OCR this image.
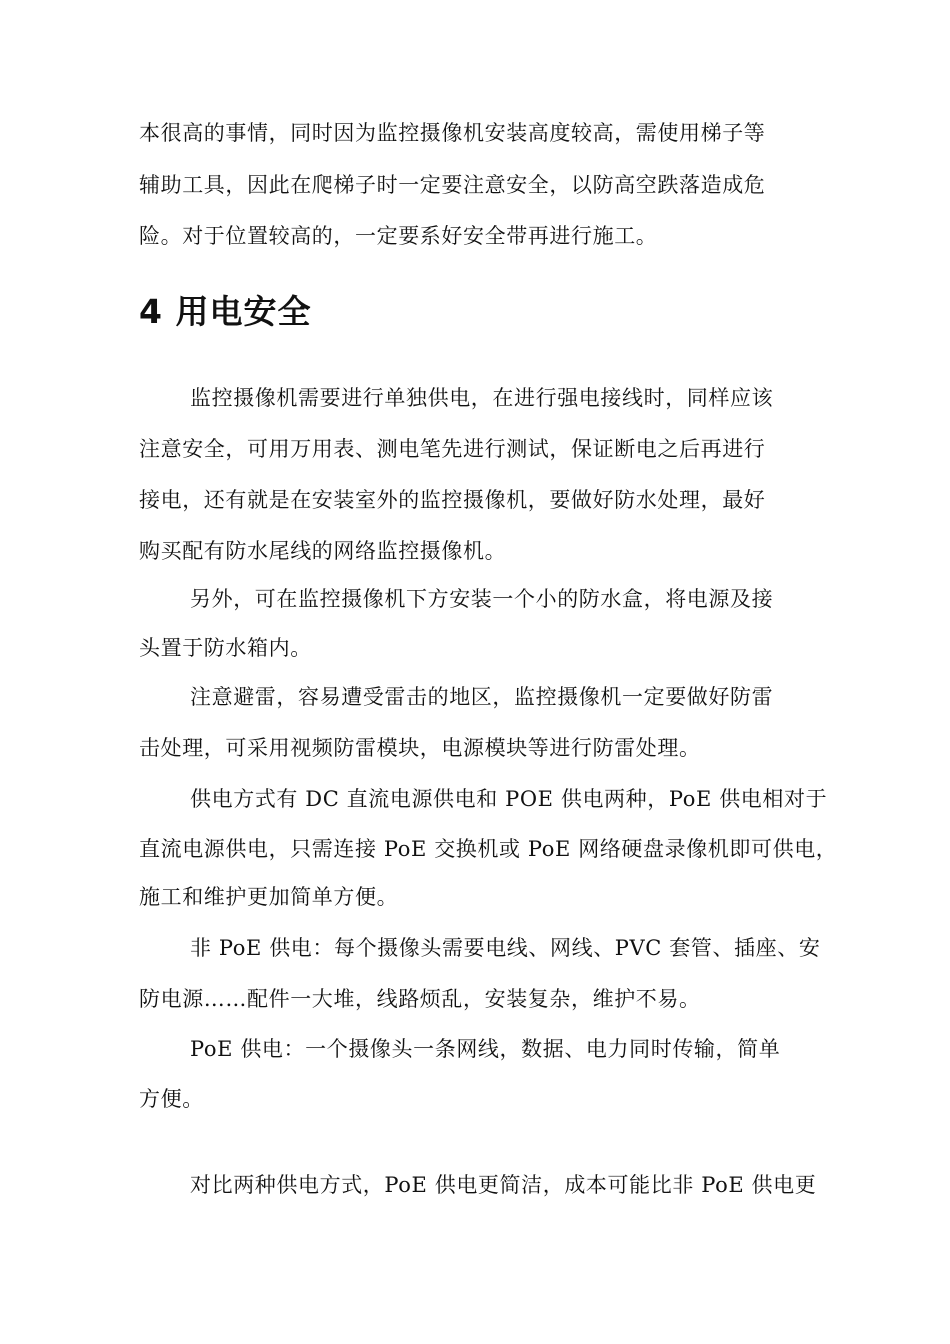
本很高的事情，同时因为监控摄像机安装高度较高，需使用梯子等
辅助工具，因此在爬梯子时一定要注意安全，以防高空跌落造成危
险。对于位置较高的，一定要系好安全带再进行施工。
4 用电安全
监控摄像机需要进行单独供电，在进行强电接线时，同样应该
注意安全，可用万用表、测电笔先进行测试，保证断电之后再进行
接电，还有就是在安装室外的监控摄像机，要做好防水处理，最好
购买配有防水尾线的网络监控摄像机。
另外，可在监控摄像机下方安装一个小的防水盒，将电源及接
头置于防水箱内。
注意避雷，容易遭受雷击的地区，监控摄像机一定要做好防雷
击处理，可采用视频防雷模块，电源模块等进行防雷处理。
供电方式有 DC 直流电源供电和 POE 供电两种，PoE 供电相对于
直流电源供电，只需连接 PoE 交换机或 PoE 网络硬盘录像机即可供电，
施工和维护更加简单方便。
非 PoE 供电：每个摄像头需要电线、网线、PVC 套管、插座、安
防电源……配件一大堆，线路烦乱，安装复杂，维护不易。
PoE 供电：一个摄像头一条网线，数据、电力同时传输，简单
方便。
对比两种供电方式，PoE 供电更简洁，成本可能比非 PoE 供电更
